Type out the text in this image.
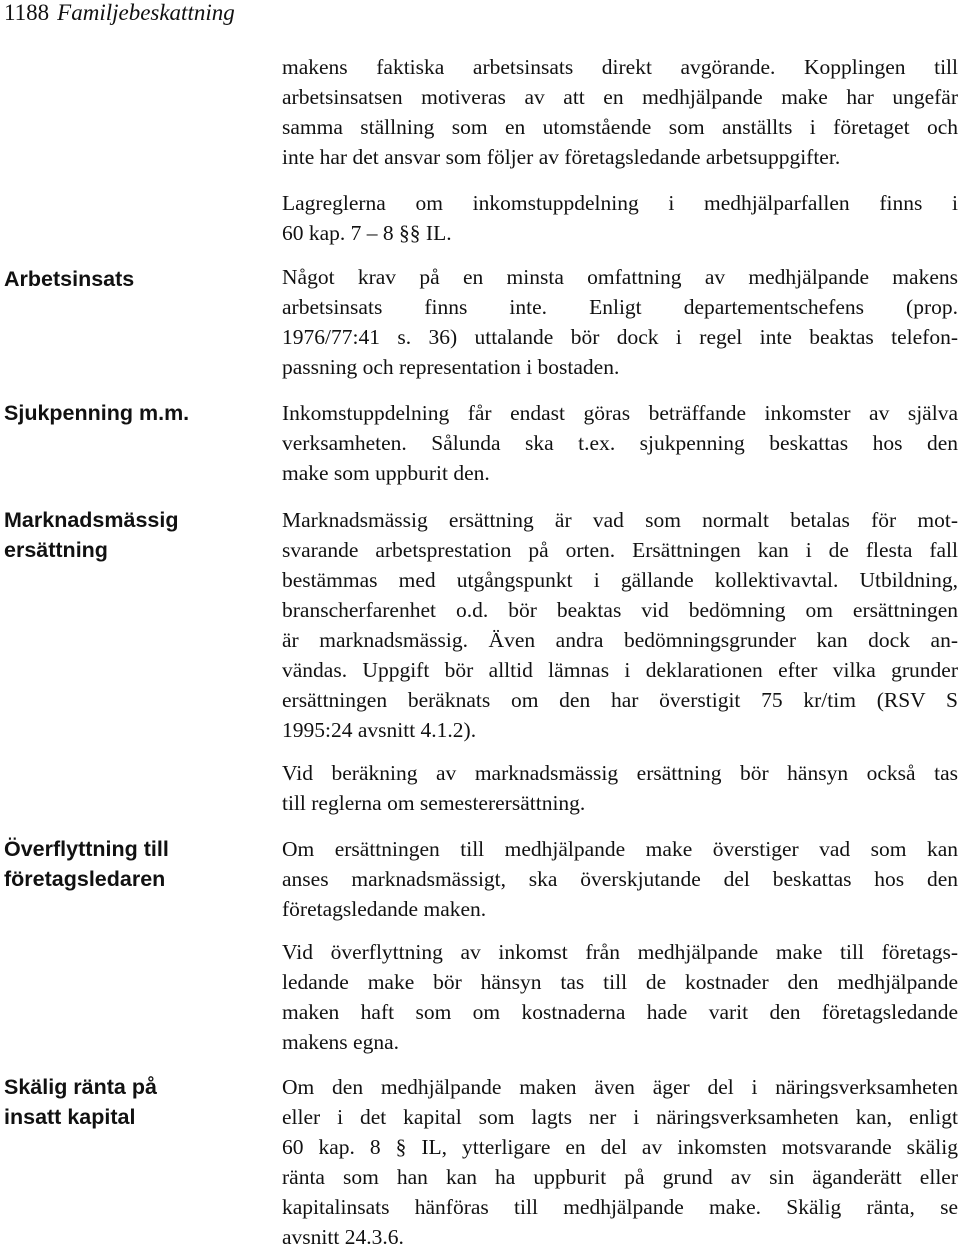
1188 Familjebeskattning
Arbetsinsats
Sjukpenning m.m.
Marknadsmässig
ersättning
Överflyttning till
företagsledaren
Skälig ränta på
insatt kapital
makens faktiska arbetsinsats direkt avgörande. Kopplingen till
arbetsinsatsen motiveras av att en medhjälpande make har ungefär
samma ställning som en utomstående som anställts i företaget och
inte har det ansvar som följer av företagsledande arbetsuppgifter.
Lagreglerna om inkomstuppdelning i medhjälparfallen finns i
60 kap. 7 – 8 §§ IL.
Något krav på en minsta omfattning av medhjälpande makens
arbetsinsats finns inte. Enligt departementschefens (prop.
1976/77:41 s. 36) uttalande bör dock i regel inte beaktas telefon-
passning och representation i bostaden.
Inkomstuppdelning får endast göras beträffande inkomster av själva
verksamheten. Sålunda ska t.ex. sjukpenning beskattas hos den
make som uppburit den.
Marknadsmässig ersättning är vad som normalt betalas för mot-
svarande arbetsprestation på orten. Ersättningen kan i de flesta fall
bestämmas med utgångspunkt i gällande kollektivavtal. Utbildning,
branscherfarenhet o.d. bör beaktas vid bedömning om ersättningen
är marknadsmässig. Även andra bedömningsgrunder kan dock an-
vändas. Uppgift bör alltid lämnas i deklarationen efter vilka grunder
ersättningen beräknats om den har överstigit 75 kr/tim (RSV S
1995:24 avsnitt 4.1.2).
Vid beräkning av marknadsmässig ersättning bör hänsyn också tas
till reglerna om semesterersättning.
Om ersättningen till medhjälpande make överstiger vad som kan
anses marknadsmässigt, ska överskjutande del beskattas hos den
företagsledande maken.
Vid överflyttning av inkomst från medhjälpande make till företags-
ledande make bör hänsyn tas till de kostnader den medhjälpande
maken haft som om kostnaderna hade varit den företagsledande
makens egna.
Om den medhjälpande maken även äger del i näringsverksamheten
eller i det kapital som lagts ner i näringsverksamheten kan, enligt
60 kap. 8 § IL, ytterligare en del av inkomsten motsvarande skälig
ränta som han kan ha uppburit på grund av sin äganderätt eller
kapitalinsats hänföras till medhjälpande make. Skälig ränta, se
avsnitt 24.3.6.
